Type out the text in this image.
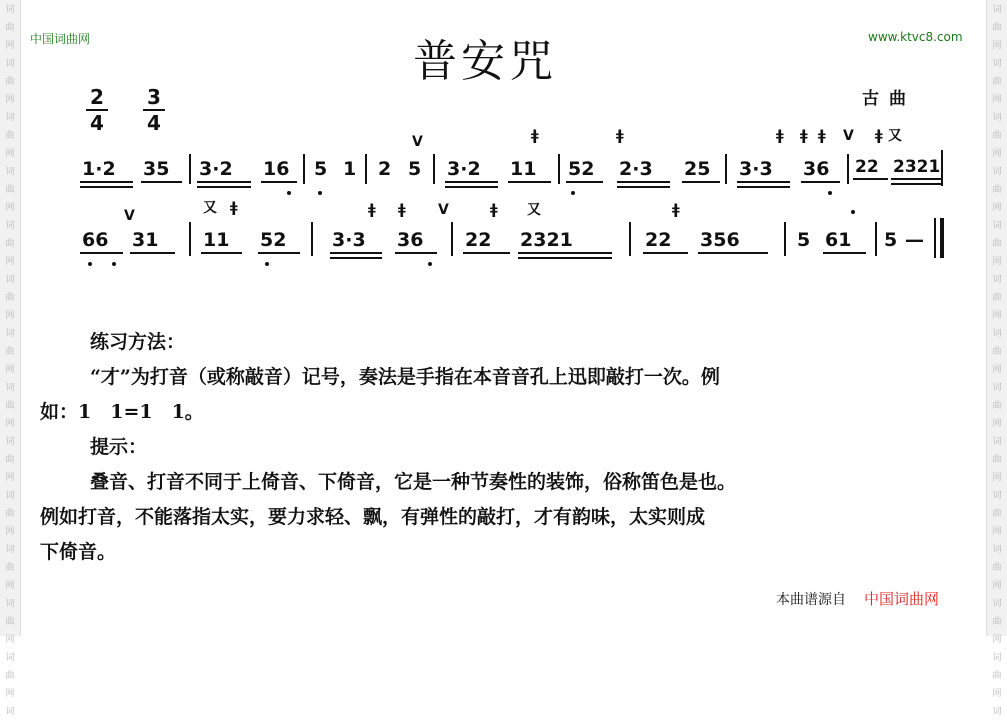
词
曲
网
词
曲
网
词
曲
网
词
曲
网
词
曲
网
词
曲
网
词
曲
网
词
曲
网
词
曲
网
词
曲
网
词
曲
网
词
曲
网
词
曲
网
词
词
曲
网
词
曲
网
词
曲
网
词
曲
网
词
曲
网
词
曲
网
词
曲
网
词
曲
网
词
曲
网
词
曲
网
词
曲
网
词
曲
网
词
曲
网
词
中国词曲网	www.ktvc8.com
普安咒
古曲
2
4
3
4
1·2 35 3·2 16 5 1 2 5 3·2 11 52 2·3 25 3·3 36 22 2321
V	ǂ	ǂ	ǂ ǂ ǂ V ǂ 又
66 31 11 52 3·3 36 22 2321	22 356	5 61 5 —
V	又 ǂ	ǂ ǂ V	ǂ 又	ǂ
练习方法：

“才”为打音（或称敲音）记号，奏法是手指在本音音孔上迅即敲打一次。例

如：1　1=1　1。

提示：

叠音、打音不同于上倚音、下倚音，它是一种节奏性的装饰，俗称笛色是也。

例如打音，不能落指太实，要力求轻、飘，有弹性的敲打，才有韵味，太实则成

下倚音。

本曲谱源自 中国词曲网
